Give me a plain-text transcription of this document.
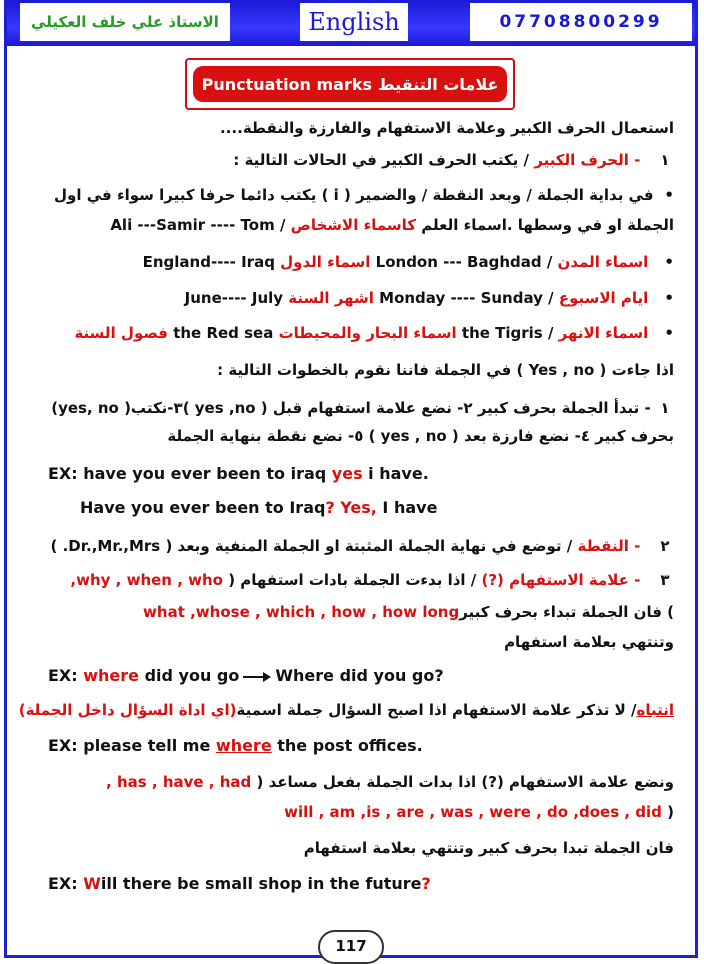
الاستاذ علي خلف العكيلي	English	07708800299
Punctuation marks علامات التنقيط
استعمال الحرف الكبير وعلامة الاستفهام والفارزة والنقطة....
١   - الحرف الكبير / يكتب الحرف الكبير في الحالات التالية :
•  في بداية الجملة / وبعد النقطة / والضمير ( i ) يكتب دائما حرفا كبيرا سواء في اول
الجملة او في وسطها .اسماء العلم كاسماء الاشخاص / Ali ---Samir ---- Tom
•   اسماء المدن / London --- Baghdad اسماء الدول England---- Iraq
•   ايام الاسبوع / Monday ---- Sunday اشهر السنة June---- July
•   اسماء الانهر / the Tigris اسماء البحار والمحيطات the Red sea فصول السنة
اذا جاءت ( Yes , no ) في الجملة فاننا نقوم بالخطوات التالية :
١ - تبدأ الجملة بحرف كبير ٢- نضع علامة استفهام قبل ( yes ,no )٣-نكتب( yes, no)
بحرف كبير ٤- نضع فارزة بعد ( yes , no ) ٥- نضع نقطة بنهاية الجملة
EX: have you ever been to iraq yes i have.
Have you ever been to Iraq? Yes, I have
٢   - النقطة / توضع في نهاية الجملة المثبتة او الجملة المنفية وبعد ( Dr.,Mr.,Mrs. )
٣   - علامة الاستفهام (?) / اذا بدءت الجملة بادات استفهام ( why , when , who,
) فان الجملة تبداء بحرف كبيرwhat ,whose , which , how , how long
وتنتهي بعلامة استفهام
EX: where did you go Where did you go?
انتباه/ لا تذكر علامة الاستفهام اذا اصبح السؤال جملة اسمية(اي اداة السؤال داخل الجملة)
EX: please tell me where the post offices.
ونضع علامة الاستفهام (?) اذا بدات الجملة بفعل مساعد ( has , have , had ,
( will , am ,is , are , was , were , do ,does , did
فان الجملة تبدا بحرف كبير وتنتهي بعلامة استفهام
EX: Will there be small shop in the future?
117
